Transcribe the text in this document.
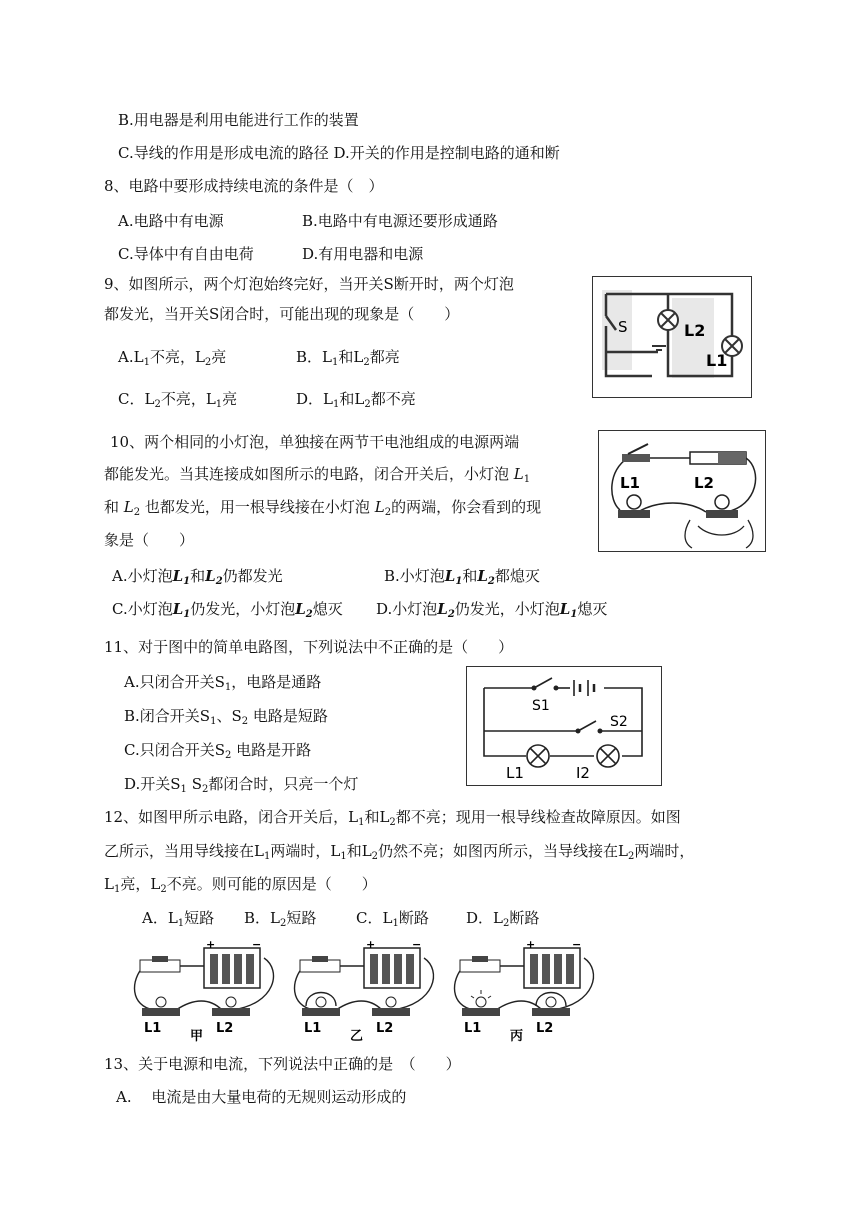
B.用电器是利用电能进行工作的装置
C.导线的作用是形成电流的路径 D.开关的作用是控制电路的通和断
8、电路中要形成持续电流的条件是（　）
A.电路中有电源	B.电路中有电源还要形成通路
C.导体中有自由电荷	D.有用电器和电源
9、如图所示，两个灯泡始终完好，当开关S断开时，两个灯泡
都发光，当开关S闭合时，可能出现的现象是（　　）
$A.L_1$不亮，$L_2$亮	B．$L_1$和$L_2$都亮
C．$L_2$不亮，$L_1$亮	D．$L_1$和$L_2$都不亮
S	L2
L1
10、两个相同的小灯泡，单独接在两节干电池组成的电源两端
都能发光。当其连接成如图所示的电路，闭合开关后，小灯泡 $L_1$
和 $L_2$ 也都发光，用一根导线接在小灯泡 $L_2$的两端，你会看到的现
象是（　　）
A.小灯泡$L_1$和$L_2$仍都发光	B.小灯泡$L_1$和$L_2$都熄灭
C.小灯泡$L_1$仍发光，小灯泡$L_2$熄灭 D.小灯泡$L_2$仍发光，小灯泡$L_1$熄灭
L1	L2
11、对于图中的简单电路图，下列说法中不正确的是（　　）
A.只闭合开关$S_1$，电路是通路
B.闭合开关$S_1$、$S_2$ 电路是短路
C.只闭合开关$S_2$ 电路是开路
D.开关$S_1$ $S_2$都闭合时，只亮一个灯
S1
S2
L1	I2
12、如图甲所示电路，闭合开关后，$L_1$和$L_2$都不亮；现用一根导线检查故障原因。如图
乙所示，当用导线接在$L_1$两端时，$L_1$和$L_2$仍然不亮；如图丙所示，当导线接在$L_2$两端时，
$L_1$亮，$L_2$不亮。则可能的原因是（　　）
A．$L_1$短路 B．$L_2$短路	C．$L_1$断路 D．$L_2$断路
+	−
L1	L2
甲
+	−
L1	L2
乙
+	−
L1	L2
丙
13、关于电源和电流，下列说法中正确的是　（　　）
A.　 电流是由大量电荷的无规则运动形成的
